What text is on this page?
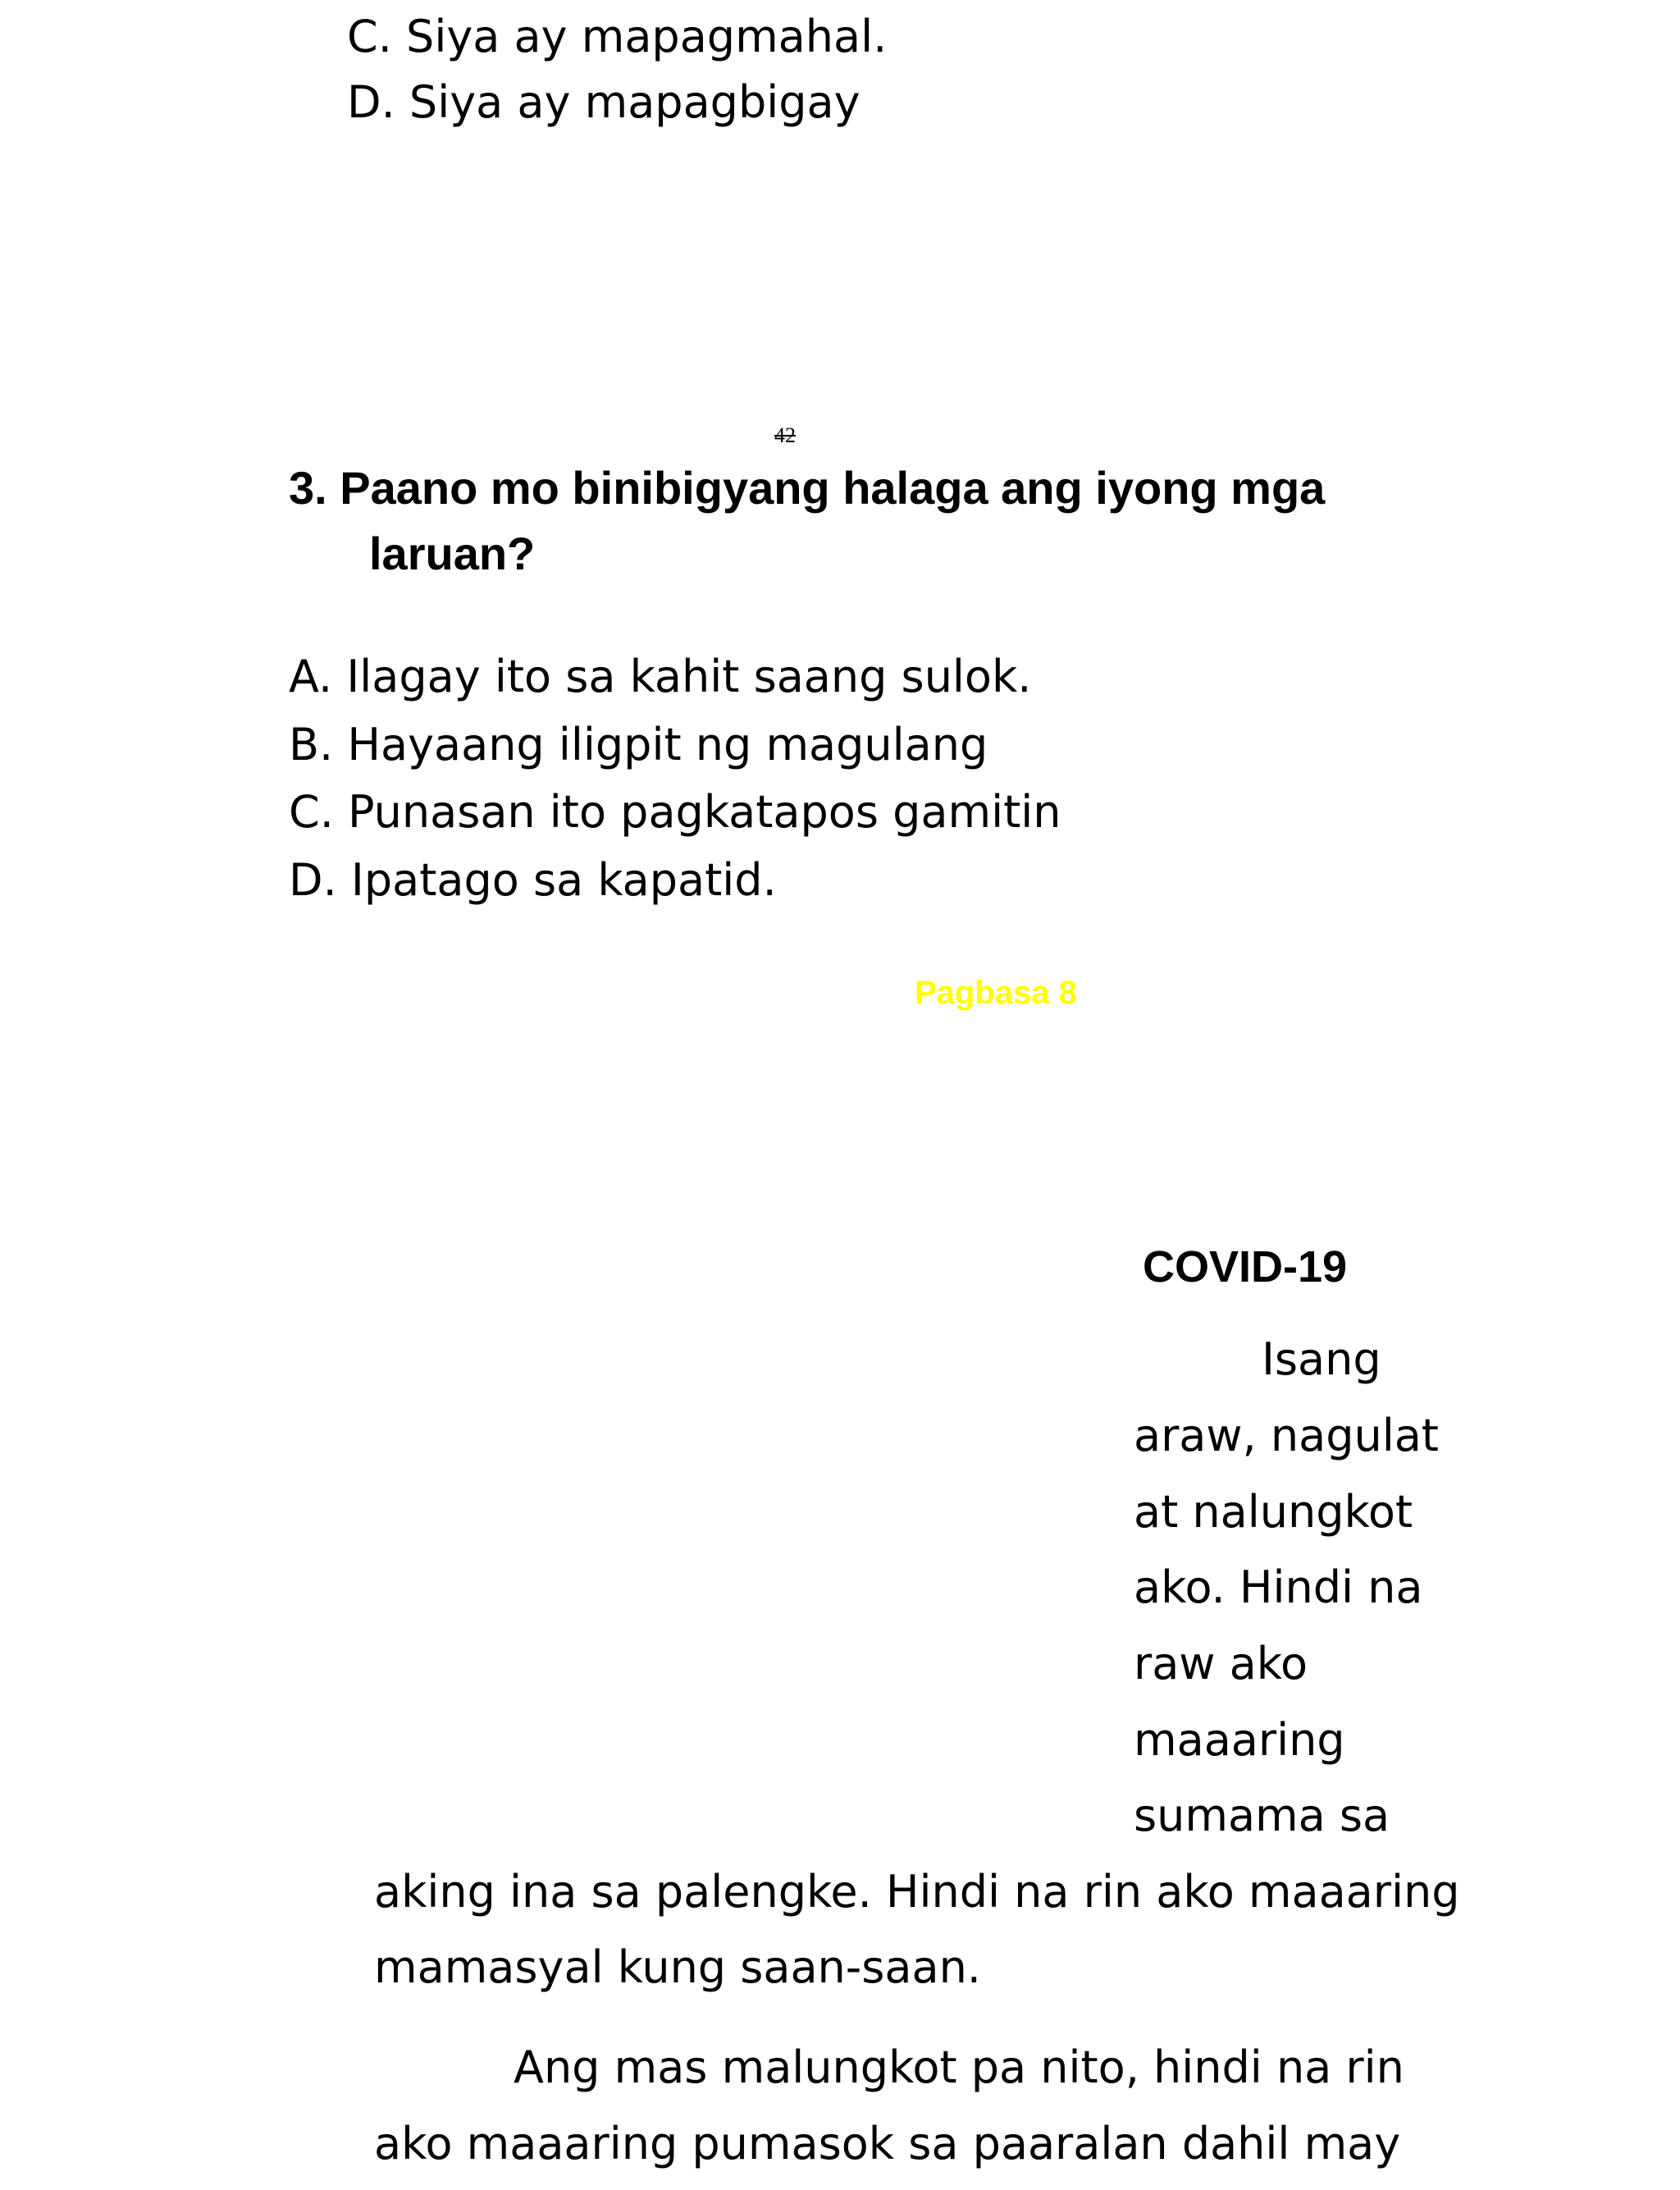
C. Siya ay mapagmahal.

D. Siya ay mapagbigay

42

3. Paano mo binibigyang halaga ang iyong mga

laruan?

A. Ilagay ito sa kahit saang sulok.

B. Hayaang iligpit ng magulang

C. Punasan ito pagkatapos gamitin

D. Ipatago sa kapatid.

Pagbasa 8

COVID-19

Isang

araw, nagulat

at nalungkot

ako. Hindi na

raw ako

maaaring

sumama sa

aking ina sa palengke. Hindi na rin ako maaaring

mamasyal kung saan-saan.

Ang mas malungkot pa nito, hindi na rin

ako maaaring pumasok sa paaralan dahil may
